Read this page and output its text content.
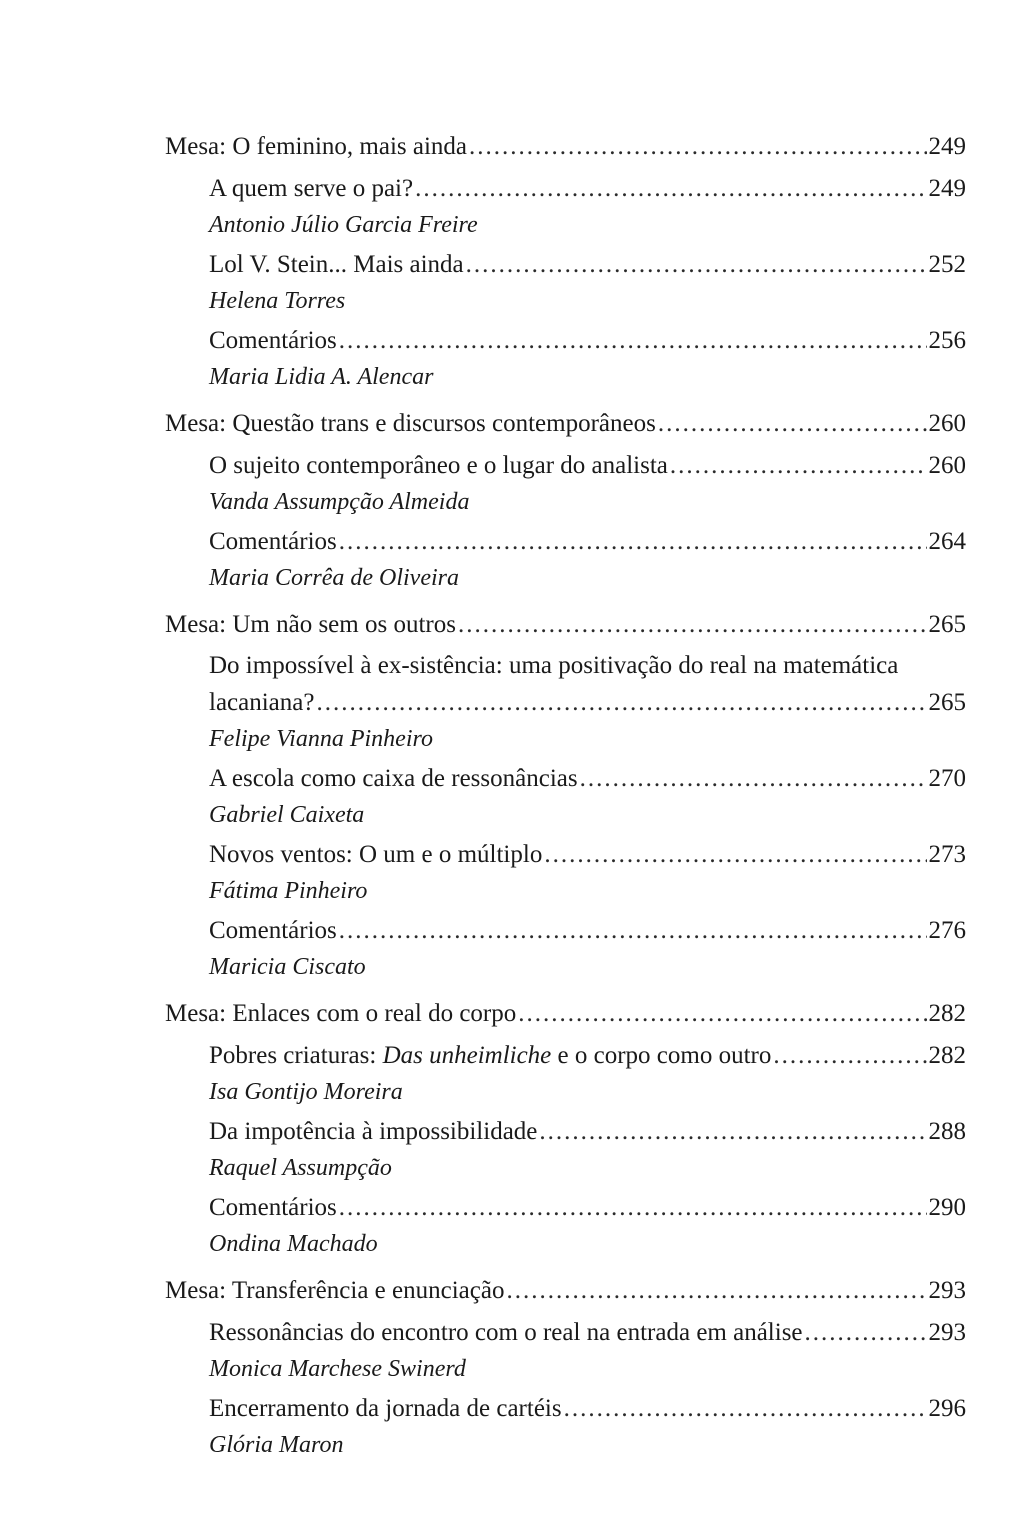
Mesa: O feminino, mais ainda .....	249
A quem serve o pai? .....	249
Antonio Júlio Garcia Freire
Lol V. Stein... Mais ainda .....	252
Helena Torres
Comentários .....	256
Maria Lidia A. Alencar
Mesa: Questão trans e discursos contemporâneos .....	260
O sujeito contemporâneo e o lugar do analista .....	260
Vanda Assumpção Almeida
Comentários .....	264
Maria Corrêa de Oliveira
Mesa: Um não sem os outros .....	265
Do impossível à ex-sistência: uma positivação do real na matemática
lacaniana? .....	265
Felipe Vianna Pinheiro
A escola como caixa de ressonâncias .....	270
Gabriel Caixeta
Novos ventos: O um e o múltiplo .....	273
Fátima Pinheiro
Comentários .....	276
Maricia Ciscato
Mesa: Enlaces com o real do corpo .....	282
Pobres criaturas: Das unheimliche e o corpo como outro .....	282
Isa Gontijo Moreira
Da impotência à impossibilidade .....	288
Raquel Assumpção
Comentários .....	290
Ondina Machado
Mesa: Transferência e enunciação .....	293
Ressonâncias do encontro com o real na entrada em análise .....	293
Monica Marchese Swinerd
Encerramento da jornada de cartéis .....	296
Glória Maron
